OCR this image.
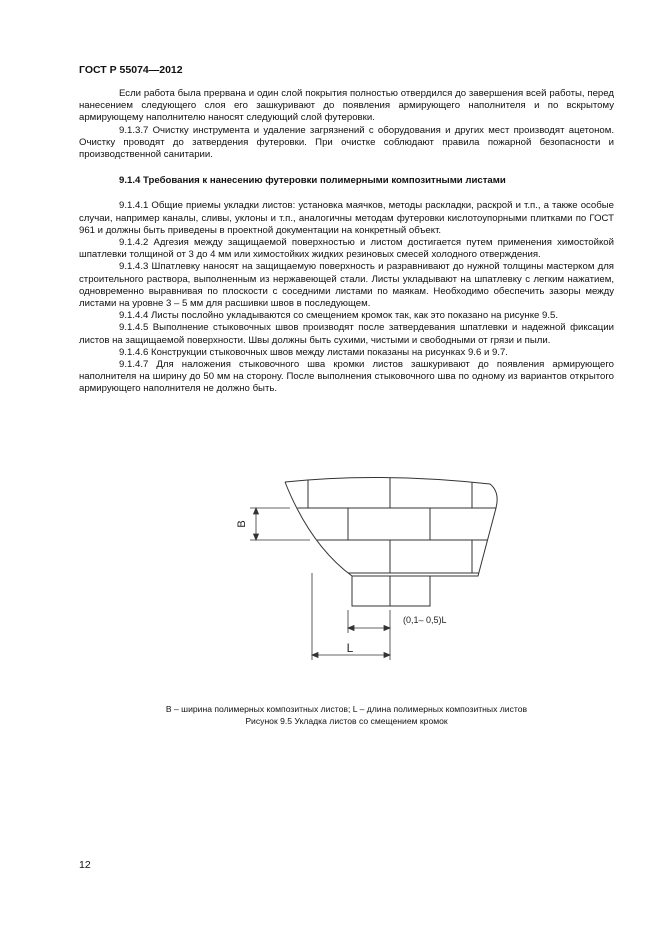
ГОСТ Р 55074—2012

Если работа была прервана и один слой покрытия полностью отвердился до завершения всей работы, перед нанесением следующего слоя его зашкуривают до появления армирующего наполнителя и по вскрытому армирующему наполнителю наносят следующий слой футеровки.

9.1.3.7 Очистку инструмента и удаление загрязнений с оборудования и других мест производят ацетоном. Очистку проводят до затвердения футеровки. При очистке соблюдают правила пожарной безопасности и производственной санитарии.

9.1.4 Требования к нанесению футеровки полимерными композитными листами

9.1.4.1 Общие приемы укладки листов: установка маячков, методы раскладки, раскрой и т.п., а также особые случаи, например каналы, сливы, уклоны и т.п., аналогичны методам футеровки кислотоупорными плитками по ГОСТ 961 и должны быть приведены в проектной документации на конкретный объект.

9.1.4.2 Адгезия между защищаемой поверхностью и листом достигается путем применения химостойкой шпатлевки толщиной от 3 до 4 мм или химостойких жидких резиновых смесей холодного отверждения.

9.1.4.3 Шпатлевку наносят на защищаемую поверхность и разравнивают до нужной толщины мастерком для строительного раствора, выполненным из нержавеющей стали. Листы укладывают на шпатлевку с легким нажатием, одновременно выравнивая по плоскости с соседними листами по маякам. Необходимо обеспечить зазоры между листами на уровне 3 – 5 мм для расшивки швов в последующем.

9.1.4.4 Листы послойно укладываются со смещением кромок так, как это показано на рисунке 9.5.

9.1.4.5 Выполнение стыковочных швов производят после затвердевания шпатлевки и надежной фиксации листов на защищаемой поверхности. Швы должны быть сухими, чистыми и свободными от грязи и пыли.

9.1.4.6 Конструкции стыковочных швов между листами показаны на рисунках 9.6 и 9.7.

9.1.4.7 Для наложения стыковочного шва кромки листов зашкуривают до появления армирующего наполнителя на ширину до 50 мм на сторону. После выполнения стыковочного шва по одному из вариантов открытого армирующего наполнителя не должно быть.

B
L
(0,1– 0,5)L
B – ширина полимерных композитных листов; L – длина полимерных композитных листов
Рисунок 9.5 Укладка листов со смещением кромок
12
